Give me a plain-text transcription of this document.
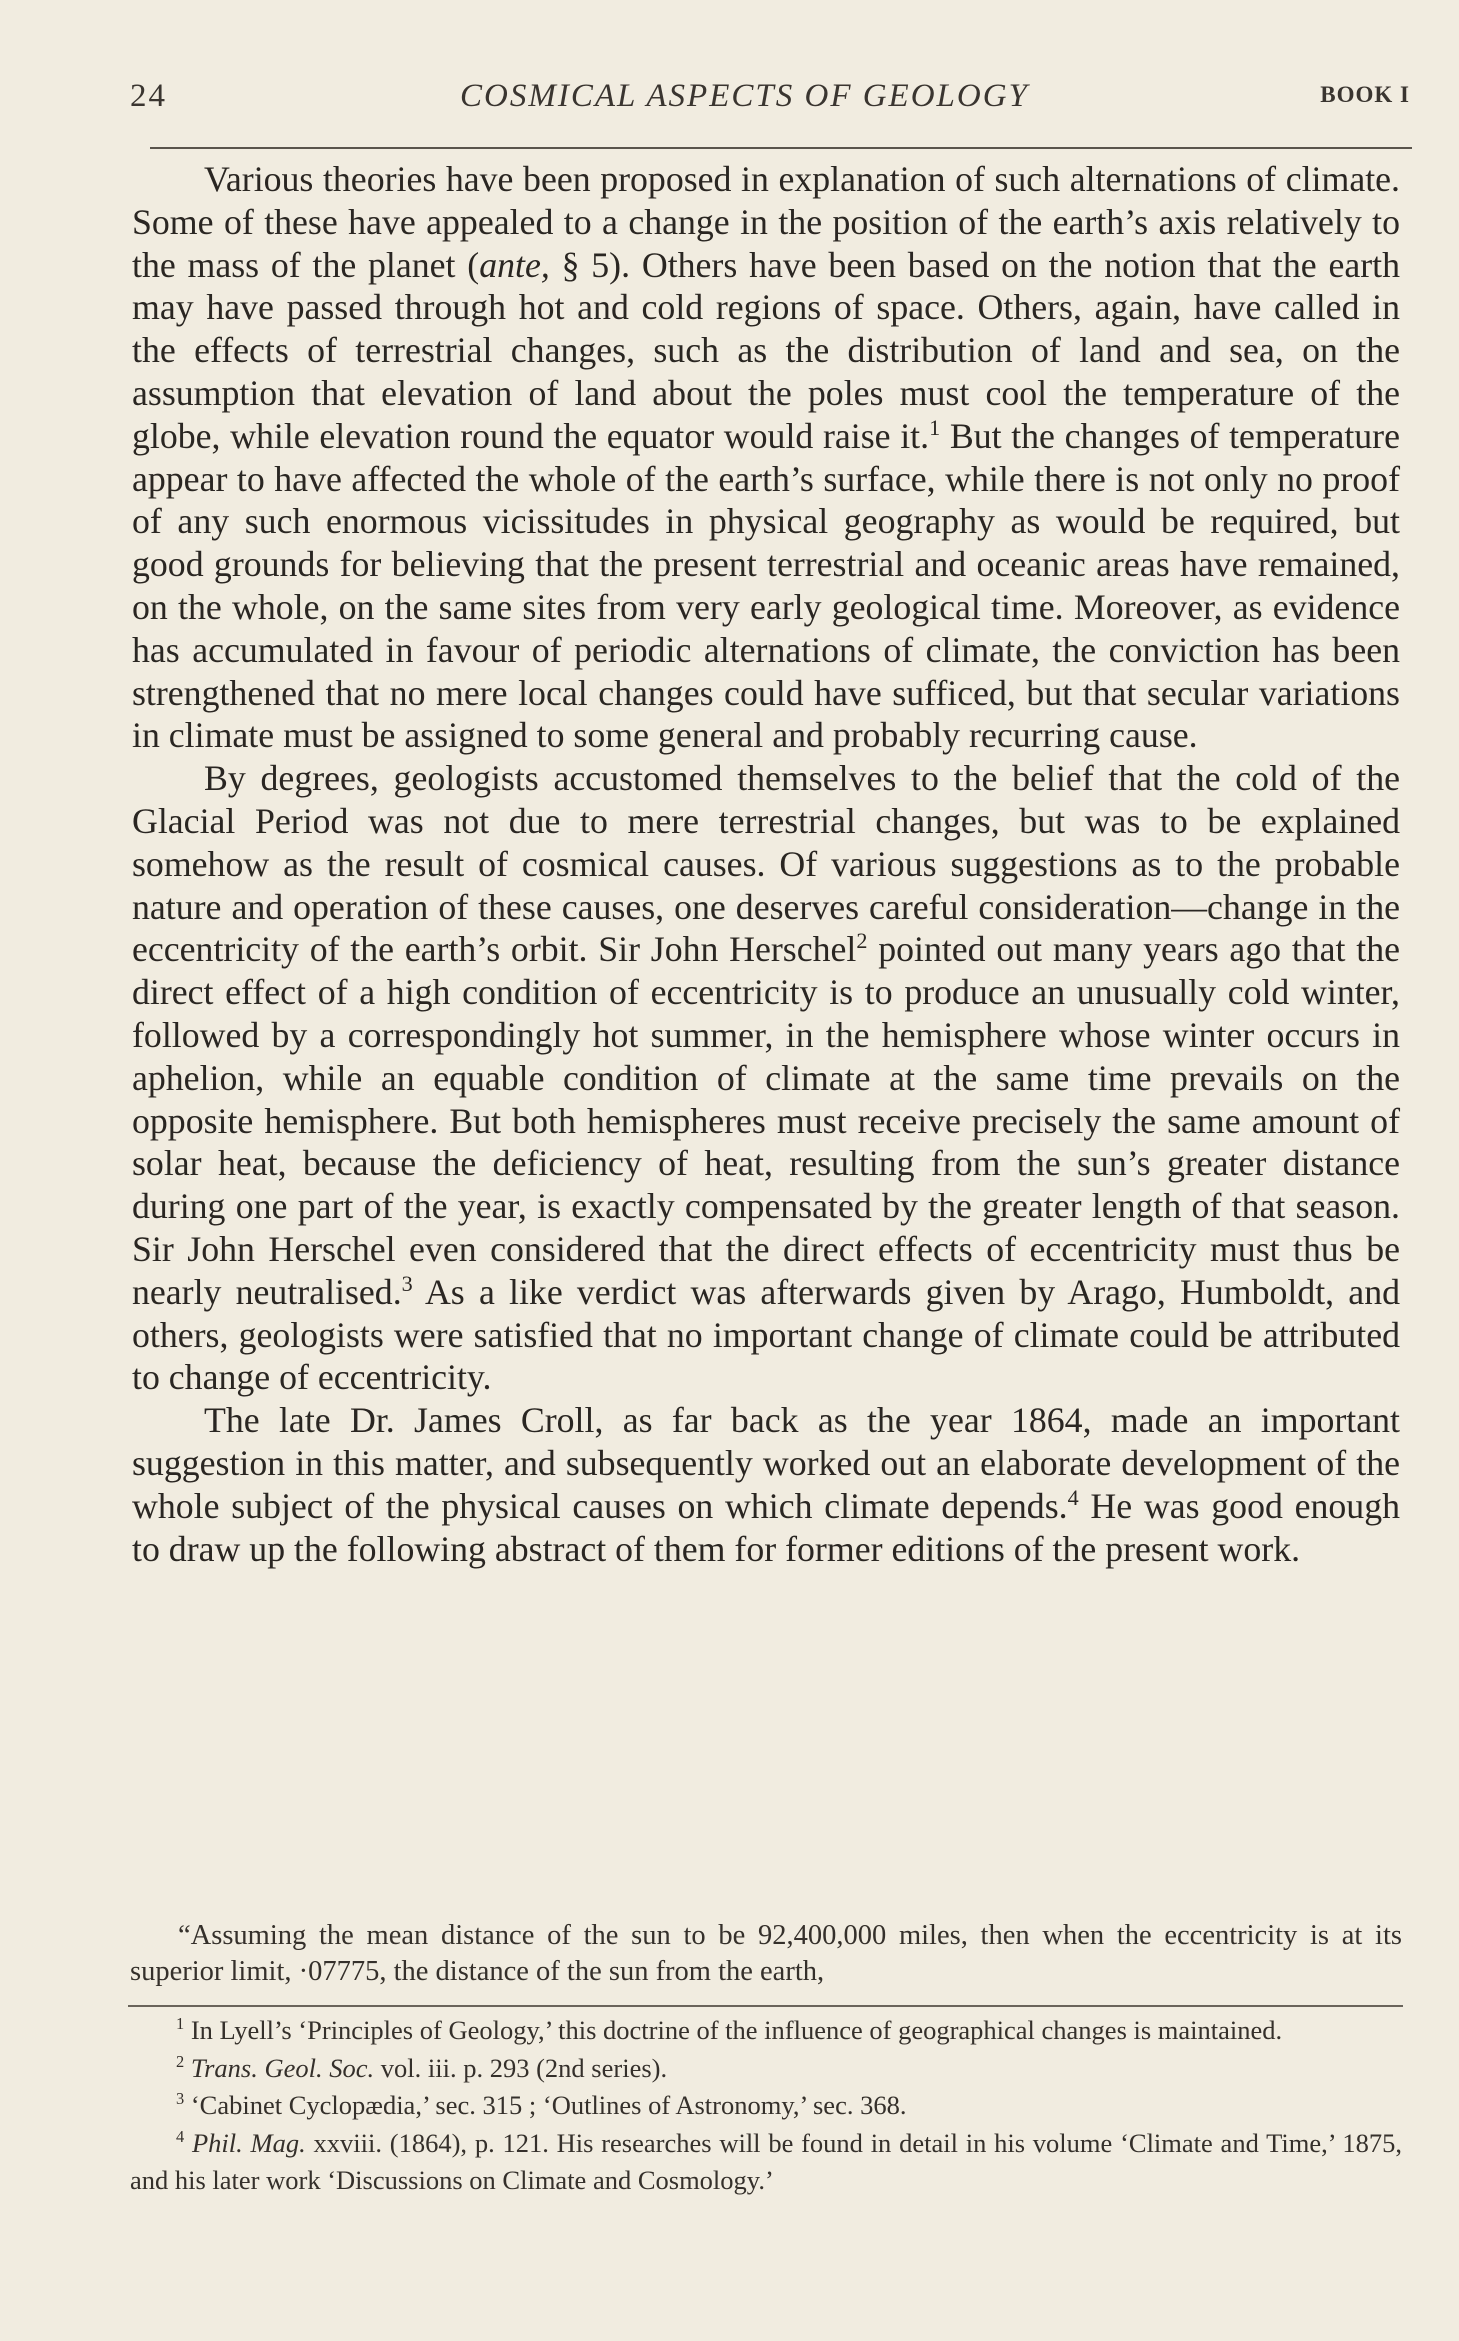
24	COSMICAL ASPECTS OF GEOLOGY	BOOK I

Various theories have been proposed in explanation of such alternations of climate. Some of these have appealed to a change in the position of the earth’s axis relatively to the mass of the planet (ante, § 5). Others have been based on the notion that the earth may have passed through hot and cold regions of space. Others, again, have called in the effects of terrestrial changes, such as the distribution of land and sea, on the assumption that elevation of land about the poles must cool the temperature of the globe, while elevation round the equator would raise it.$^1$ But the changes of temperature appear to have affected the whole of the earth’s surface, while there is not only no proof of any such enormous vicissitudes in physical geography as would be required, but good grounds for believing that the present terrestrial and oceanic areas have remained, on the whole, on the same sites from very early geological time. Moreover, as evidence has accumulated in favour of periodic alternations of climate, the conviction has been strengthened that no mere local changes could have sufficed, but that secular variations in climate must be assigned to some general and probably recurring cause.

By degrees, geologists accustomed themselves to the belief that the cold of the Glacial Period was not due to mere terrestrial changes, but was to be explained somehow as the result of cosmical causes. Of various suggestions as to the probable nature and operation of these causes, one deserves careful consideration—change in the eccentricity of the earth’s orbit. Sir John Herschel$^2$ pointed out many years ago that the direct effect of a high condition of eccentricity is to produce an unusually cold winter, followed by a correspondingly hot summer, in the hemisphere whose winter occurs in aphelion, while an equable condition of climate at the same time prevails on the opposite hemisphere. But both hemispheres must receive precisely the same amount of solar heat, because the deficiency of heat, resulting from the sun’s greater distance during one part of the year, is exactly compensated by the greater length of that season. Sir John Herschel even considered that the direct effects of eccentricity must thus be nearly neutralised.$^3$ As a like verdict was afterwards given by Arago, Humboldt, and others, geologists were satisfied that no important change of climate could be attributed to change of eccentricity.

The late Dr. James Croll, as far back as the year 1864, made an important suggestion in this matter, and subsequently worked out an elaborate development of the whole subject of the physical causes on which climate depends.$^4$ He was good enough to draw up the following abstract of them for former editions of the present work.

“Assuming the mean distance of the sun to be 92,400,000 miles, then when the eccentricity is at its superior limit, ·07775, the distance of the sun from the earth,

$^1$ In Lyell’s ‘Principles of Geology,’ this doctrine of the influence of geographical changes is maintained.

$^2$ Trans. Geol. Soc. vol. iii. p. 293 (2nd series).

$^3$ ‘Cabinet Cyclopædia,’ sec. 315 ; ‘Outlines of Astronomy,’ sec. 368.

$^4$ Phil. Mag. xxviii. (1864), p. 121. His researches will be found in detail in his volume ‘Climate and Time,’ 1875, and his later work ‘Discussions on Climate and Cosmology.’
